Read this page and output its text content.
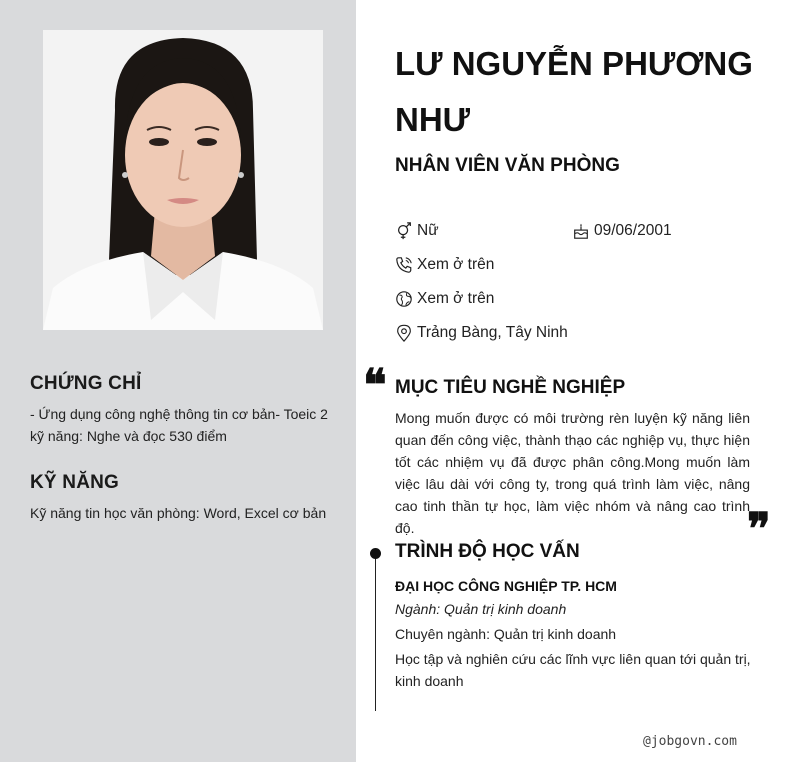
CHỨNG CHỈ
- Ứng dụng công nghệ thông tin cơ bản- Toeic 2 kỹ năng: Nghe và đọc 530 điểm
KỸ NĂNG
Kỹ năng tin học văn phòng: Word, Excel cơ bản
LƯ NGUYỄN PHƯƠNG NHƯ
NHÂN VIÊN VĂN PHÒNG
Nữ	09/06/2001
Xem ở trên
Xem ở trên
Trảng Bàng, Tây Ninh
❝ MỤC TIÊU NGHỀ NGHIỆP
Mong muốn được có môi trường rèn luyện kỹ năng liên quan đến công việc, thành thạo các nghiệp vụ, thực hiện tốt các nhiệm vụ đã được phân công.Mong muốn làm việc lâu dài với công ty, trong quá trình làm việc, nâng cao tinh thần tự học, làm việc nhóm và nâng cao trình độ.	❞
TRÌNH ĐỘ HỌC VẤN
ĐẠI HỌC CÔNG NGHIỆP TP. HCM
Ngành: Quản trị kinh doanh
Chuyên ngành: Quản trị kinh doanh
Học tập và nghiên cứu các lĩnh vực liên quan tới quản trị, kinh doanh
@jobgovn.com
